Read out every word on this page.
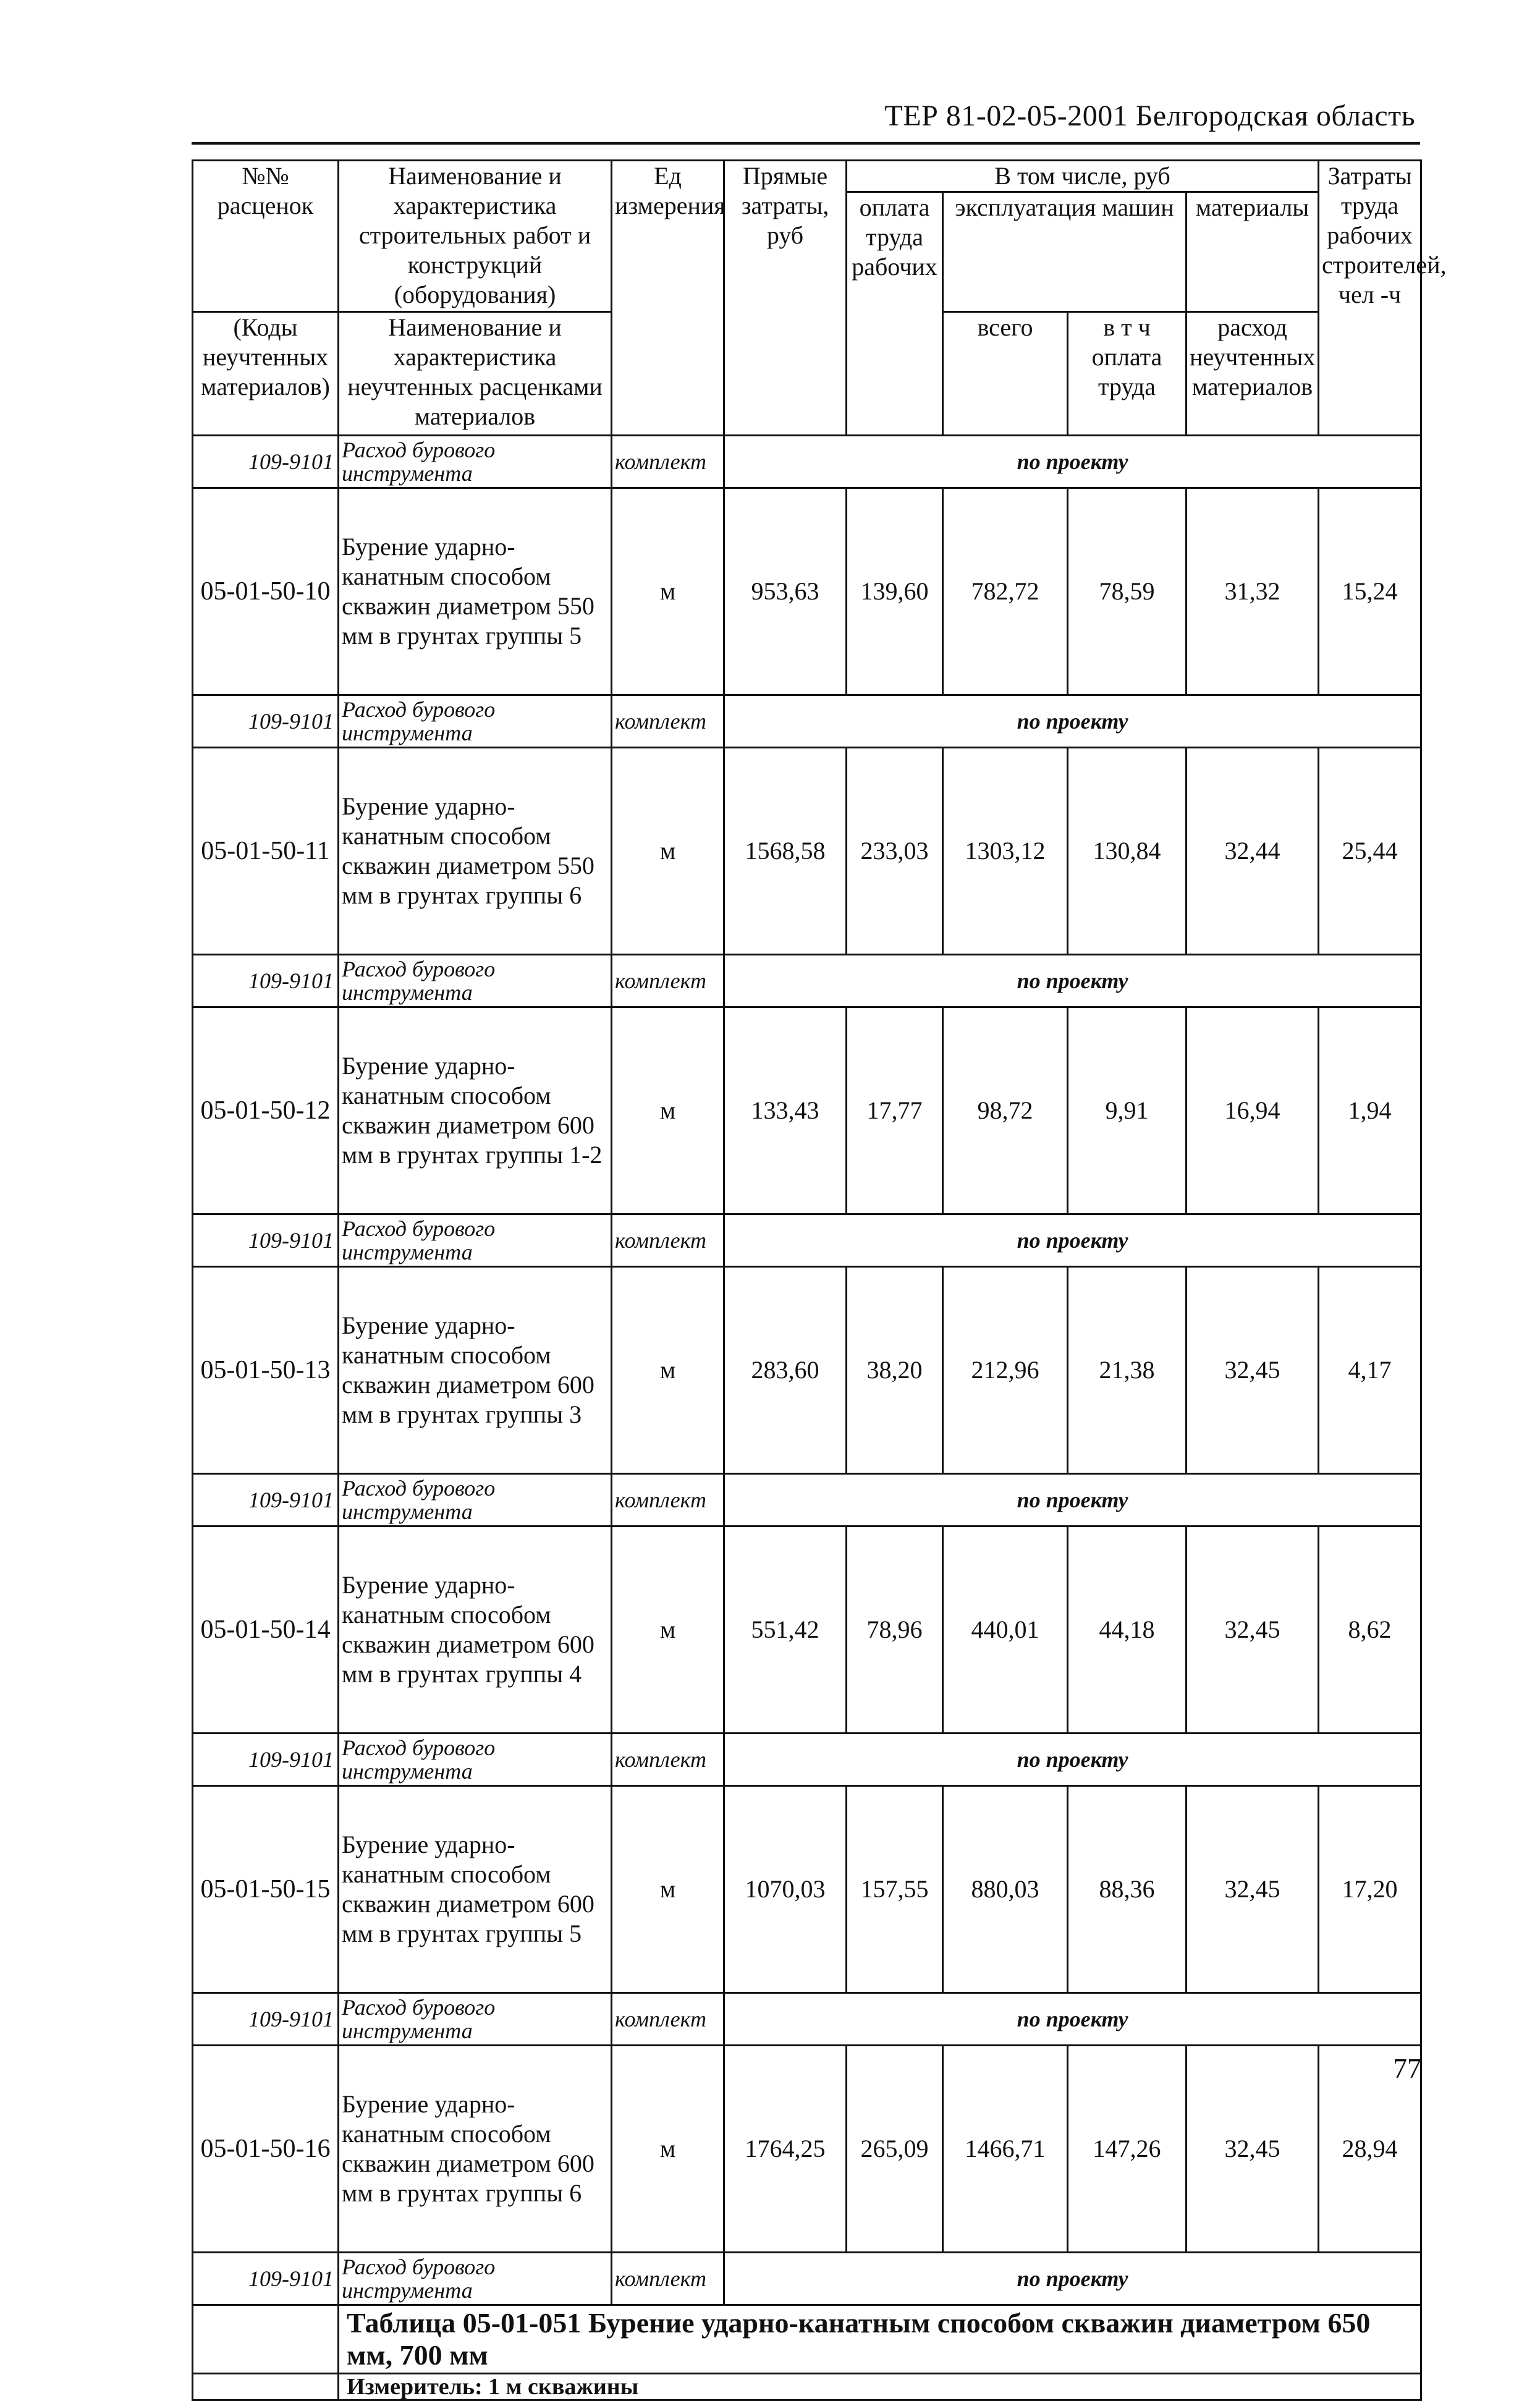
ТЕР 81-02-05-2001 Белгородская область
№№ расценок	Наименование и характеристика строительных работ и конструкций (оборудования)	Ед измерения	Прямые затраты, руб	В том числе, руб				Затраты труда рабочих строителей, чел -ч
				оплата труда рабочих	эксплуатация машин		материалы	
(Коды неучтенных материалов)	Наименование и характеристика неучтенных расценками материалов				всего	в т ч оплата труда	расход неучтенных материалов	

109-9101	Расход бурового инструмента	комплект	по проекту					
05-01-50-10	Бурение ударно-канатным способом скважин диаметром 550 мм в грунтах группы 5	м	953,63	139,60	782,72	78,59	31,32	15,24
109-9101	Расход бурового инструмента	комплект	по проекту					
05-01-50-11	Бурение ударно-канатным способом скважин диаметром 550 мм в грунтах группы 6	м	1568,58	233,03	1303,12	130,84	32,44	25,44
109-9101	Расход бурового инструмента	комплект	по проекту					
05-01-50-12	Бурение ударно-канатным способом скважин диаметром 600 мм в грунтах группы 1-2	м	133,43	17,77	98,72	9,91	16,94	1,94
109-9101	Расход бурового инструмента	комплект	по проекту					
05-01-50-13	Бурение ударно-канатным способом скважин диаметром 600 мм в грунтах группы 3	м	283,60	38,20	212,96	21,38	32,45	4,17
109-9101	Расход бурового инструмента	комплект	по проекту					
05-01-50-14	Бурение ударно-канатным способом скважин диаметром 600 мм в грунтах группы 4	м	551,42	78,96	440,01	44,18	32,45	8,62
109-9101	Расход бурового инструмента	комплект	по проекту					
05-01-50-15	Бурение ударно-канатным способом скважин диаметром 600 мм в грунтах группы 5	м	1070,03	157,55	880,03	88,36	32,45	17,20
109-9101	Расход бурового инструмента	комплект	по проекту					
05-01-50-16	Бурение ударно-канатным способом скважин диаметром 600 мм в грунтах группы 6	м	1764,25	265,09	1466,71	147,26	32,45	28,94
109-9101	Расход бурового инструмента	комплект	по проекту					
	Таблица 05-01-051 Бурение ударно-канатным способом скважин диаметром 650 мм, 700 мм							
	Измеритель: 1 м скважины							
77
